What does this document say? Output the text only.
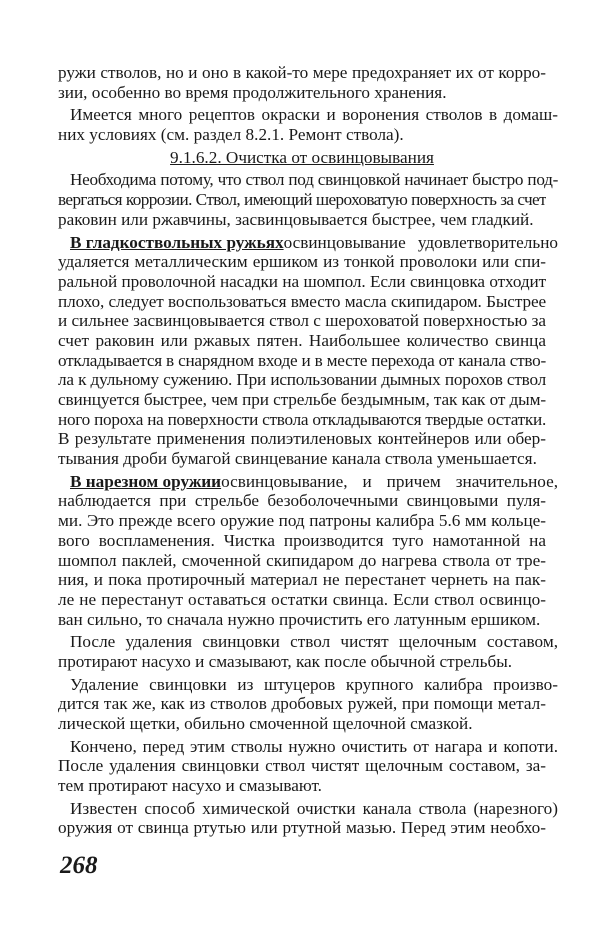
ружи стволов, но и оно в какой-то мере предохраняет их от корро-
зии, особенно во время продолжительного хранения.
Имеется много рецептов окраски и воронения стволов в домаш-
них условиях (см. раздел 8.2.1. Ремонт ствола).
9.1.6.2. Очистка от освинцовывания
Необходима потому, что ствол под свинцовкой начинает быстро под-
вергаться коррозии. Ствол, имеющий шероховатую поверхность за счет
раковин или ржавчины, засвинцовывается быстрее, чем гладкий.
В гладкоствольных ружьях освинцовывание удовлетворительно
удаляется металлическим ершиком из тонкой проволоки или спи-
ральной проволочной насадки на шомпол. Если свинцовка отходит
плохо, следует воспользоваться вместо масла скипидаром. Быстрее
и сильнее засвинцовывается ствол с шероховатой поверхностью за
счет раковин или ржавых пятен. Наибольшее количество свинца
откладывается в снарядном входе и в месте перехода от канала ство-
ла к дульному сужению. При использовании дымных порохов ствол
свинцуется быстрее, чем при стрельбе бездымным, так как от дым-
ного пороха на поверхности ствола откладываются твердые остатки.
В результате применения полиэтиленовых контейнеров или обер-
тывания дроби бумагой свинцевание канала ствола уменьшается.
В нарезном оружии освинцовывание, и причем значительное,
наблюдается при стрельбе безоболочечными свинцовыми пуля-
ми. Это прежде всего оружие под патроны калибра 5.6 мм кольце-
вого воспламенения. Чистка производится туго намотанной на
шомпол паклей, смоченной скипидаром до нагрева ствола от тре-
ния, и пока протирочный материал не перестанет чернеть на пак-
ле не перестанут оставаться остатки свинца. Если ствол освинцо-
ван сильно, то сначала нужно прочистить его латунным ершиком.
После удаления свинцовки ствол чистят щелочным составом,
протирают насухо и смазывают, как после обычной стрельбы.
Удаление свинцовки из штуцеров крупного калибра произво-
дится так же, как из стволов дробовых ружей, при помощи метал-
лической щетки, обильно смоченной щелочной смазкой.
Кончено, перед этим стволы нужно очистить от нагара и копоти.
После удаления свинцовки ствол чистят щелочным составом, за-
тем протирают насухо и смазывают.
Известен способ химической очистки канала ствола (нарезного)
оружия от свинца ртутью или ртутной мазью. Перед этим необхо-
268
